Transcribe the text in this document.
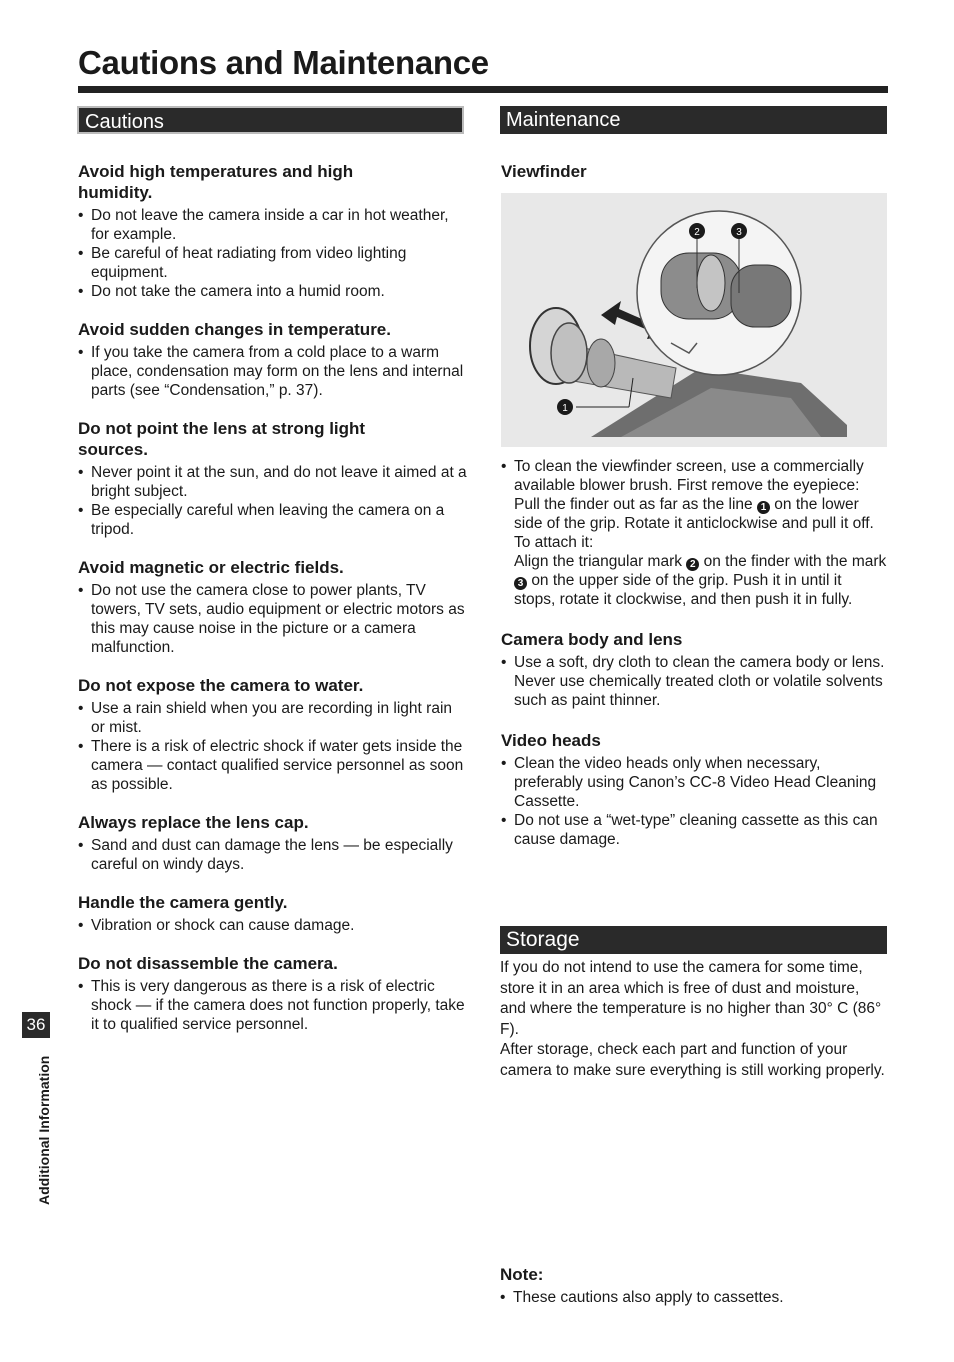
Cautions and Maintenance
Cautions
Avoid high temperatures and high humidity.
• Do not leave the camera inside a car in hot weather, for example.
• Be careful of heat radiating from video lighting equipment.
• Do not take the camera into a humid room.
Avoid sudden changes in temperature.
• If you take the camera from a cold place to a warm place, condensation may form on the lens and internal parts (see “Condensation,” p. 37).
Do not point the lens at strong light sources.
• Never point it at the sun, and do not leave it aimed at a bright subject.
• Be especially careful when leaving the camera on a tripod.
Avoid magnetic or electric fields.
• Do not use the camera close to power plants, TV towers, TV sets, audio equipment or electric motors as this may cause noise in the picture or a camera malfunction.
Do not expose the camera to water.
• Use a rain shield when you are recording in light rain or mist.
• There is a risk of electric shock if water gets inside the camera — contact qualified service personnel as soon as possible.
Always replace the lens cap.
• Sand and dust can damage the lens — be especially careful on windy days.
Handle the camera gently.
• Vibration or shock can cause damage.
Do not disassemble the camera.
• This is very dangerous as there is a risk of electric shock — if the camera does not function properly, take it to qualified service personnel.
Maintenance
Viewfinder
1
2	3
• To clean the viewfinder screen, use a commercially available blower brush. First remove the eyepiece:

Pull the finder out as far as the line 1 on the lower side of the grip. Rotate it anticlockwise and pull it off.

To attach it:

Align the triangular mark 2 on the finder with the mark 3 on the upper side of the grip. Push it in until it stops, rotate it clockwise, and then push it in fully.

Camera body and lens
• Use a soft, dry cloth to clean the camera body or lens. Never use chemically treated cloth or volatile solvents such as paint thinner.
Video heads
• Clean the video heads only when necessary, preferably using Canon’s CC-8 Video Head Cleaning Cassette.
• Do not use a “wet-type” cleaning cassette as this can cause damage.
Storage

If you do not intend to use the camera for some time, store it in an area which is free of dust and moisture, and where the temperature is no higher than 30° C (86° F).

After storage, check each part and function of your camera to make sure everything is still working properly.

Note:
• These cautions also apply to cassettes.
36
Additional Information
